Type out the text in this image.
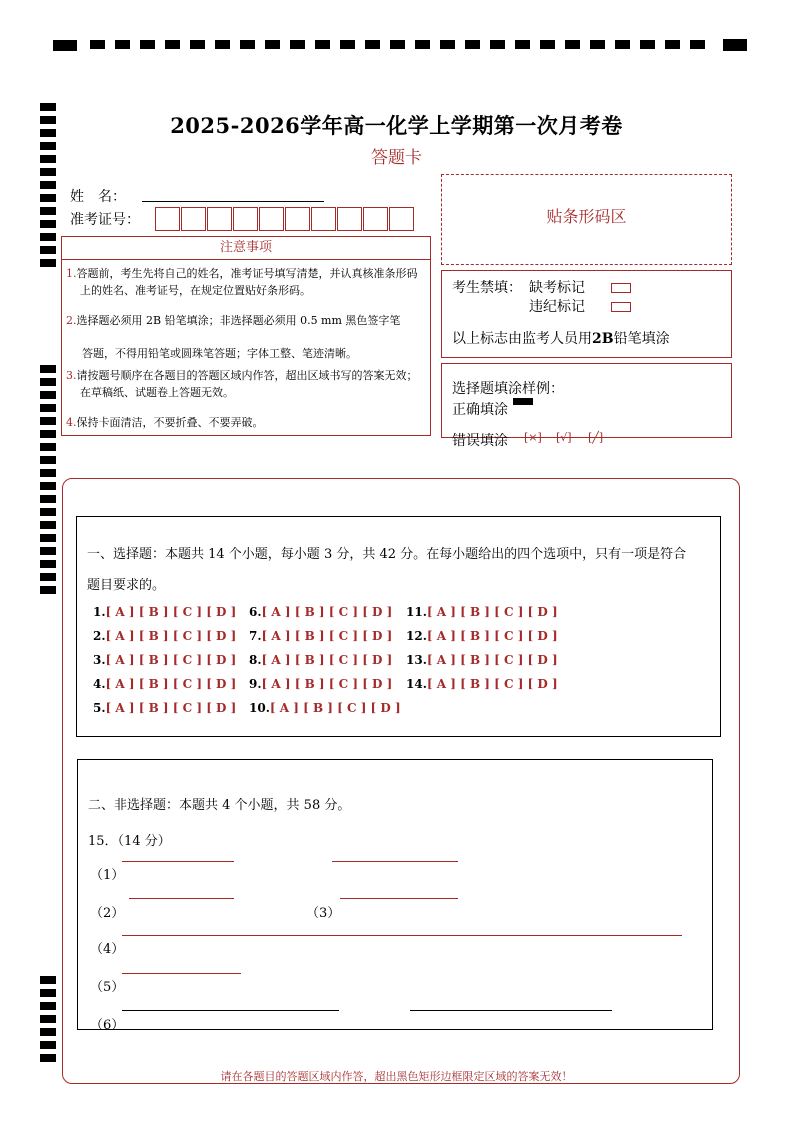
2025-2026学年高一化学上学期第一次月考卷
答题卡
姓　名：
准考证号：
注意事项

1.答题前，考生先将自己的姓名，准考证号填写清楚，并认真核准条形码上的姓名、准考证号，在规定位置贴好条形码。

2.选择题必须用 2B 铅笔填涂；非选择题必须用 0.5 mm 黑色签字笔

答题，不得用铅笔或圆珠笔答题；字体工整、笔迹清晰。

3.请按题号顺序在各题目的答题区域内作答，超出区域书写的答案无效；在草稿纸、试题卷上答题无效。

4.保持卡面清洁，不要折叠、不要弄破。

贴条形码区
考生禁填： 缺考标记
违纪标记
以上标志由监考人员用2B铅笔填涂
选择题填涂样例：
正确填涂
错误填涂 [×] [√] [╱]
一、选择题：本题共 14 个小题，每小题 3 分，共 42 分。在每小题给出的四个选项中，只有一项是符合
题目要求的。
1.[ A ] [ B ] [ C ] [ D ]
2.[ A ] [ B ] [ C ] [ D ]
3.[ A ] [ B ] [ C ] [ D ]
4.[ A ] [ B ] [ C ] [ D ]
5.[ A ] [ B ] [ C ] [ D ]
6.[ A ] [ B ] [ C ] [ D ]
7.[ A ] [ B ] [ C ] [ D ]
8.[ A ] [ B ] [ C ] [ D ]
9.[ A ] [ B ] [ C ] [ D ]
10.[ A ] [ B ] [ C ] [ D ]
11.[ A ] [ B ] [ C ] [ D ]
12.[ A ] [ B ] [ C ] [ D ]
13.[ A ] [ B ] [ C ] [ D ]
14.[ A ] [ B ] [ C ] [ D ]
二、非选择题：本题共 4 个小题，共 58 分。
15．（14 分）
（1）
（2）	（3）
（4）
（5）
（6）
请在各题目的答题区域内作答，超出黑色矩形边框限定区域的答案无效！
